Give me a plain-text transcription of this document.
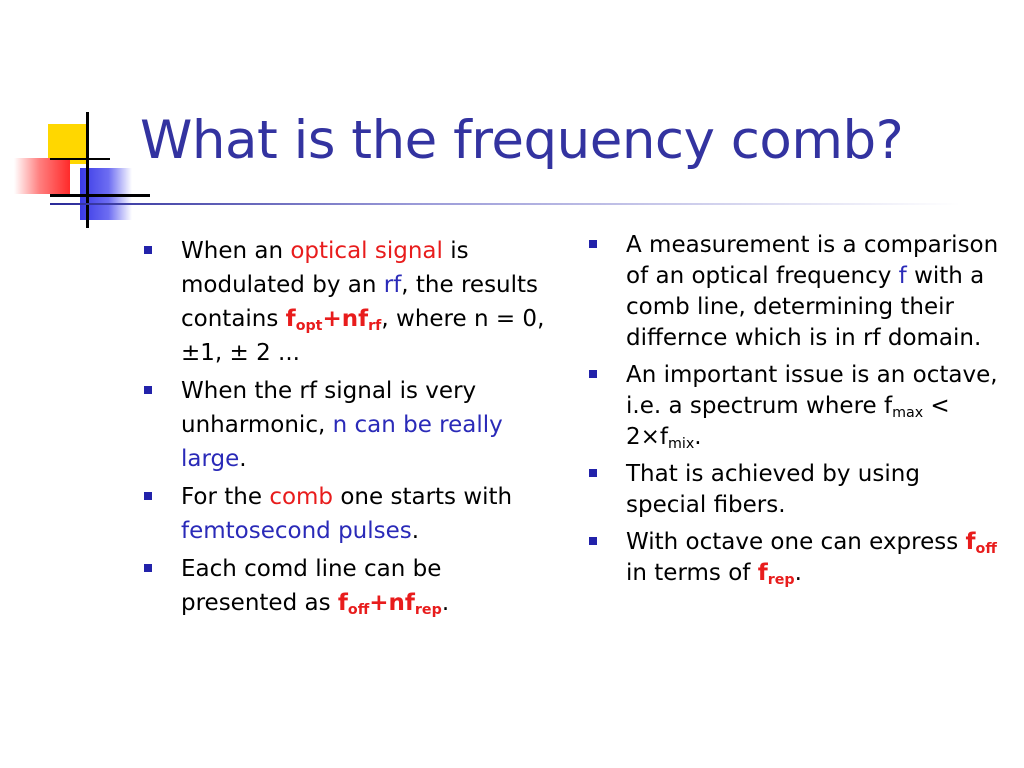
What is the frequency comb?
When an optical signal is modulated by an rf, the results contains $f_{opt}+nf_{rf}$, where n = 0, ±1, ± 2 ...
When the rf signal is very unharmonic, n can be really large.
For the comb one starts with femtosecond pulses.
Each comd line can be presented as $f_{off}+nf_{rep}$.
A measurement is a comparison of an optical frequency f with a comb line, determining their differnce which is in rf domain.
An important issue is an octave, i.e. a spectrum where $f_{max} < 2\times f_{mix}$.
That is achieved by using special fibers.
With octave one can express $f_{off}$ in terms of $f_{rep}$.
